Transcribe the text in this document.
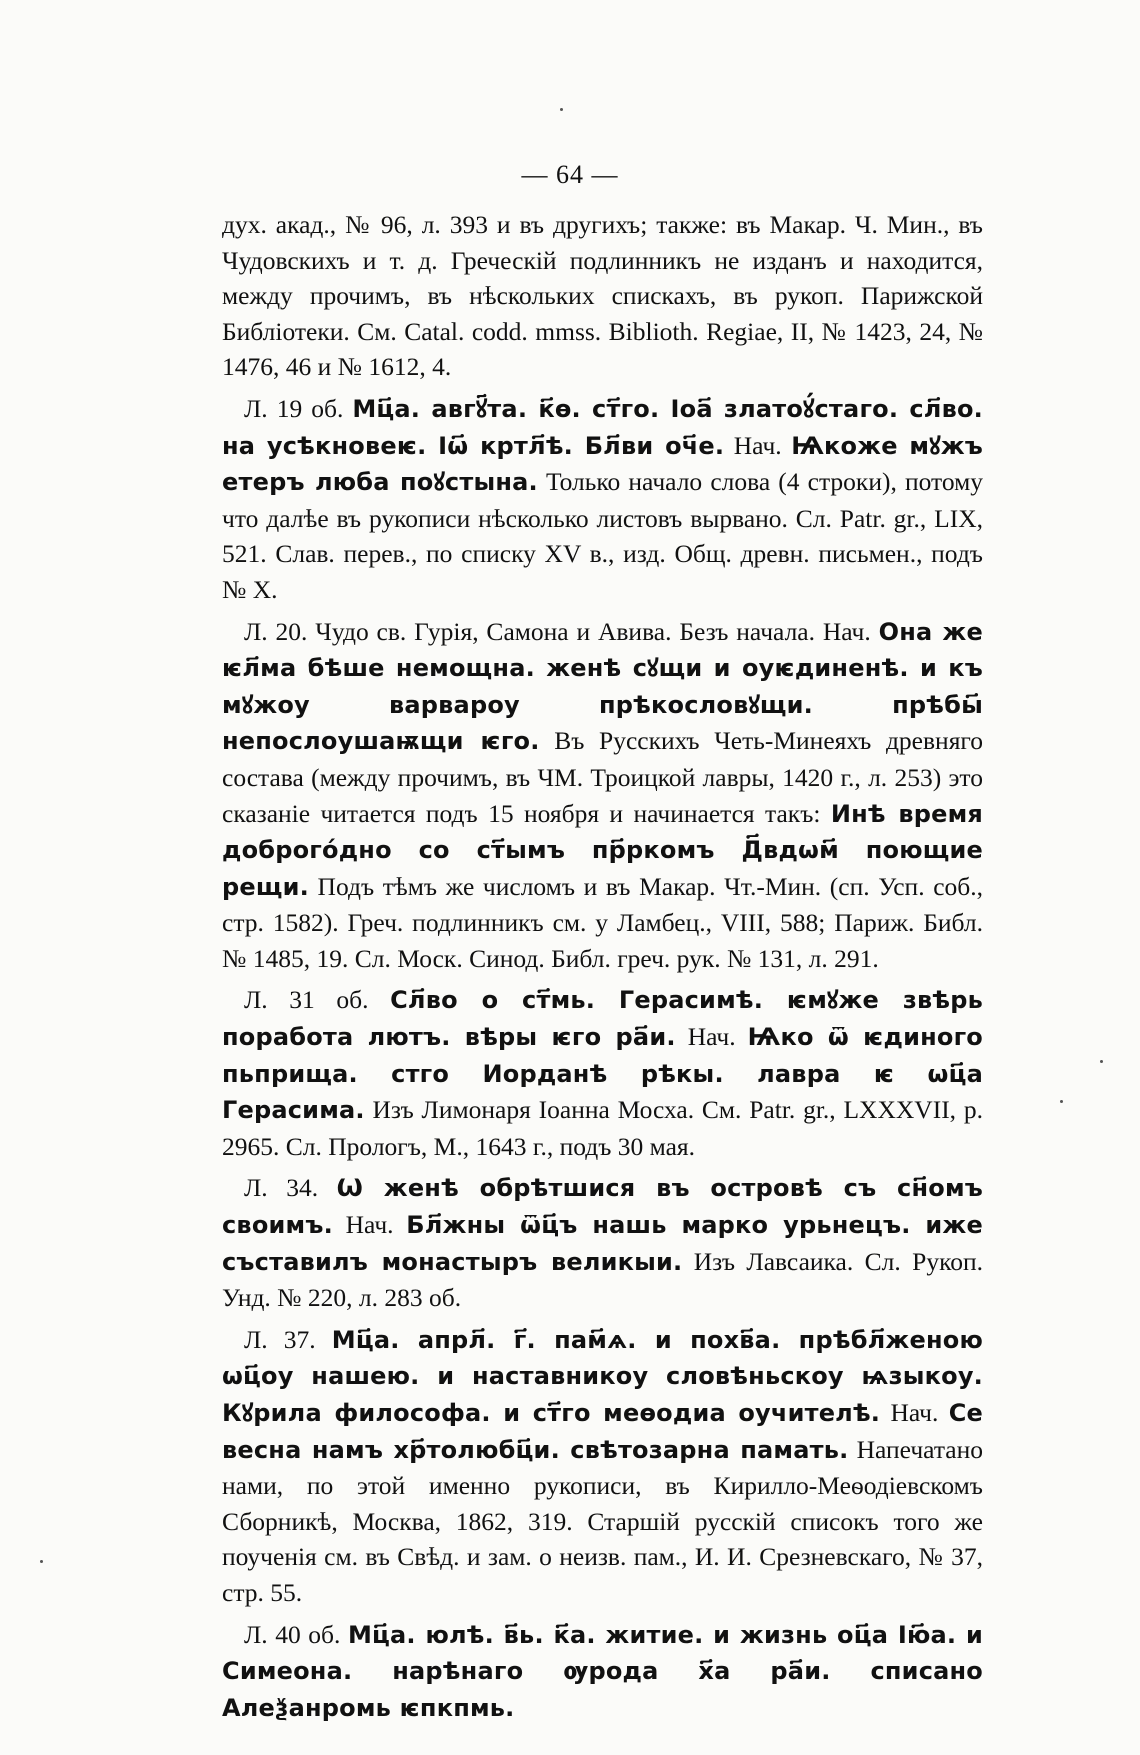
— 64 —

дух. акад., № 96, л. 393 и въ другихъ; также: въ Макар. Ч. Мин., въ Чудовскихъ и т. д. Греческій подлинникъ не изданъ и находится, между прочимъ, въ нѣскольких спискахъ, въ рукоп. Парижской Библіотеки. См. Catal. codd. mmss. Biblioth. Regiae, II, № 1423, 24, № 1476, 46 и № 1612, 4.

Л. 19 об. Мц҃а. авгꙋ҃та. к҃ѳ. ст҃го. Іоа҃ златоꙋ́стаго. сл҃во. на усѣкновеѥ. Іѡ҃ кртл҃ѣ. Бл҃ви оч҃е. Нач. Ѩкоже мꙋжъ етеръ люба поꙋстына. Только начало слова (4 строки), потому что далѣе въ рукописи нѣсколько листовъ вырвано. Сл. Patr. gr., LIX, 521. Слав. перев., по списку XV в., изд. Общ. древн. письмен., подъ № X.

Л. 20. Чудо св. Гурія, Самона и Авива. Безъ начала. Нач. Она же ѥл҃ма бѣше немощна. женѣ сꙋщи и оуѥдиненѣ. и къ мꙋжоу варвароу прѣкословꙋщи. прѣбы҃ непослоушаѭщи ѥго. Въ Русскихъ Четь-Минеяхъ древняго состава (между прочимъ, въ ЧМ. Троицкой лавры, 1420 г., л. 253) это сказаніе читается подъ 15 ноября и начинается такъ: Инѣ время доброго́дно со ст҃ымъ пр҃ркомъ Д҃вдѡм҃ поющие рещи. Подъ тѣмъ же числомъ и въ Макар. Чт.-Мин. (сп. Усп. соб., стр. 1582). Греч. подлинникъ см. у Ламбец., VIII, 588; Париж. Библ. № 1485, 19. Сл. Моск. Синод. Библ. греч. рук. № 131, л. 291.

Л. 31 об. Сл҃во о ст҃мь. Герасимѣ. ѥмꙋже звѣрь поработа лютъ. вѣры ѥго ра҃и. Нач. Ѩко ѿ ѥдиного пьприща. стго Иорданѣ рѣкы. лавра ѥ ѡц҃а Герасима. Изъ Лимонаря Іоанна Мосха. См. Patr. gr., LXXXVII, p. 2965. Сл. Прологъ, М., 1643 г., подъ 30 мая.

Л. 34. Ѡ женѣ обрѣтшися въ островѣ съ сн҃омъ своимъ. Нач. Бл҃жны ѿц҃ъ нашь марко урьнецъ. иже съставилъ монастыръ великыи. Изъ Лавсаика. Сл. Рукоп. Унд. № 220, л. 283 об.

Л. 37. Мц҃а. апрл҃. г҃. пам҃ѧ. и похв҃а. прѣбл҃женою ѡц҃оу нашею. и наставникоу словѣньскоу ѩзыкоу. Кꙋрила философа. и ст҃го меѳодиа оучителѣ. Нач. Се весна намъ хр҃толюбц҃и. свѣтозарна памать. Напечатано нами, по этой именно рукописи, въ Кирилло-Меѳодіевскомъ Сборникѣ, Москва, 1862, 319. Старшій русскій списокъ того же поученія см. въ Свѣд. и зам. о неизв. пам., И. И. Срезневскаго, № 37, стр. 55.

Л. 40 об. Мц҃а. юлѣ. в҃ь. к҃а. житие. и жизнь оц҃а Ію҃а. и Симеона. нарѣнаго ѹрода х҃а ра҃и. списано Алеѯанромь ѥпкпмь.
